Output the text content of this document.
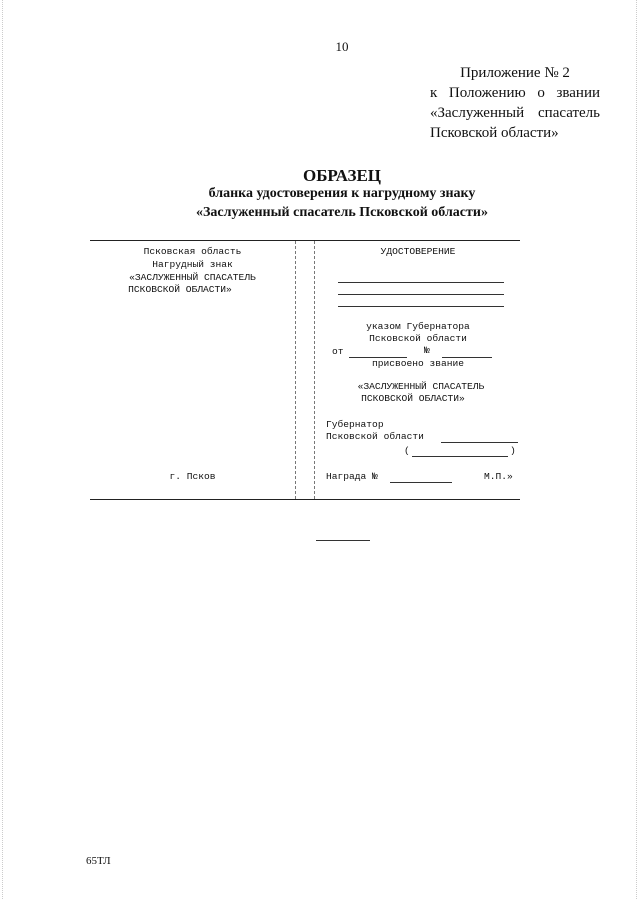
10
Приложение № 2
к Положению о звании
«Заслуженный спасатель
Псковской области»
ОБРАЗЕЦ
бланка удостоверения к нагрудному знаку
«Заслуженный спасатель Псковской области»
Псковская область
Нагрудный знак
«ЗАСЛУЖЕННЫЙ СПАСАТЕЛЬ
ПСКОВСКОЙ ОБЛАСТИ»
г. Псков
УДОСТОВЕРЕНИЕ
указом Губернатора
Псковской области
от	№
присвоено звание
«ЗАСЛУЖЕННЫЙ СПАСАТЕЛЬ
ПСКОВСКОЙ ОБЛАСТИ»
Губернатор
Псковской области
(	)
Награда №	М.П.»
65ТЛ
